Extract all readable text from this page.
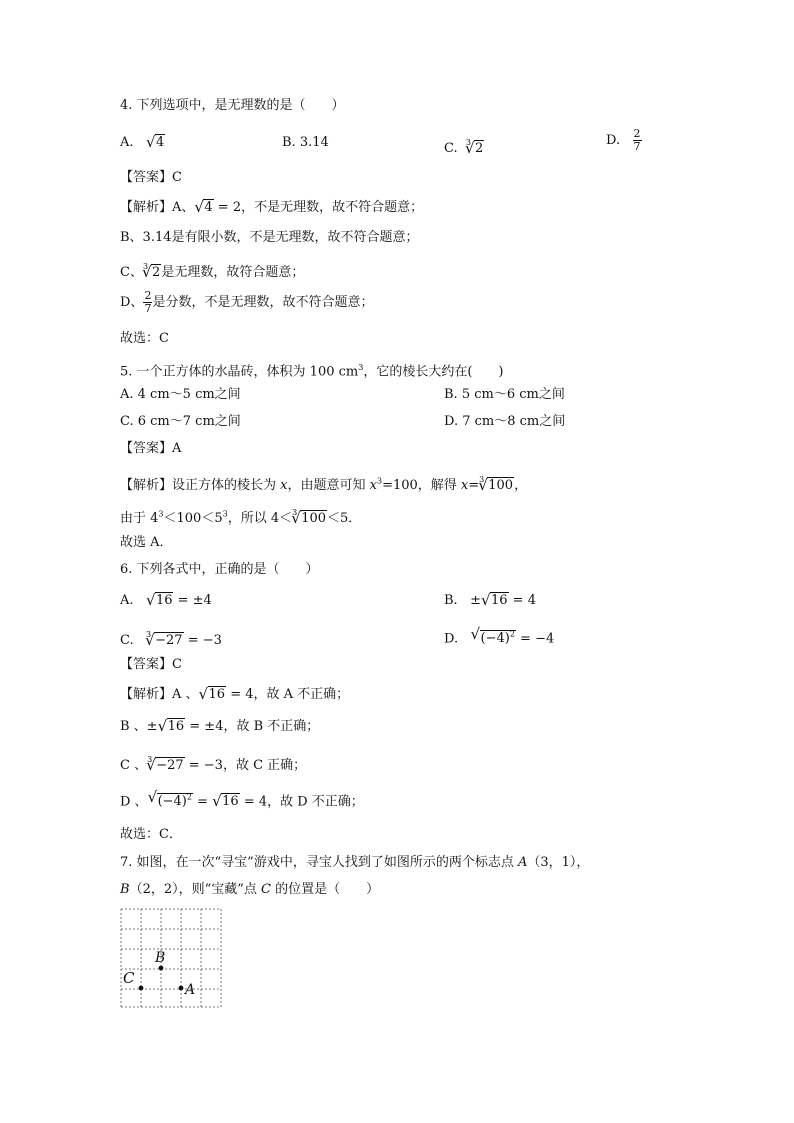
4. 下列选项中，是无理数的是（　　）
A. √ 4	B. 3.14	C. $^3$ √ 2
D. $\frac{2}{7}$
【答案】C
【解析】A、 √ 4 = 2，不是无理数，故不符合题意；
B、3.14是有限小数，不是无理数，故不符合题意；
C、$^3$ √ 2是无理数，故符合题意；
D、 $\frac{2}{7}$ 是分数，不是无理数，故不符合题意；
故选：C
5. 一个正方体的水晶砖，体积为 100 $cm^3$，它的棱长大约在(　　)
A. 4 cm～5 cm之间	B. 5 cm～6 cm之间
C. 6 cm～7 cm之间	D. 7 cm～8 cm之间
【答案】A
【解析】设正方体的棱长为 x，由题意可知 $x^3=100$，解得 x=$^3$ √ 100，
由于 $4^3<100<5^3$，所以 4＜$^3$ √ 100＜5．
故选 A．
6. 下列各式中，正确的是（　　）
A. √ 16 = ±4	B. ± √ 16 = 4
C. $^3$ √ −27 = −3	D. √ $(-4)^2 = -4$
【答案】C
【解析】A 、 √ 16 = 4，故 A 不正确；
B 、± √ 16 = ±4，故 B 不正确；
C 、$^3$ √ −27 = −3，故 C 正确；
D 、 √ $(-4)^2$ = √ 16 = 4，故 D 不正确；
故选：C．
7. 如图，在一次“寻宝”游戏中，寻宝人找到了如图所示的两个标志点 A（3，1），
B（2，2），则“宝藏”点 C 的位置是（　　）
C
B
A
